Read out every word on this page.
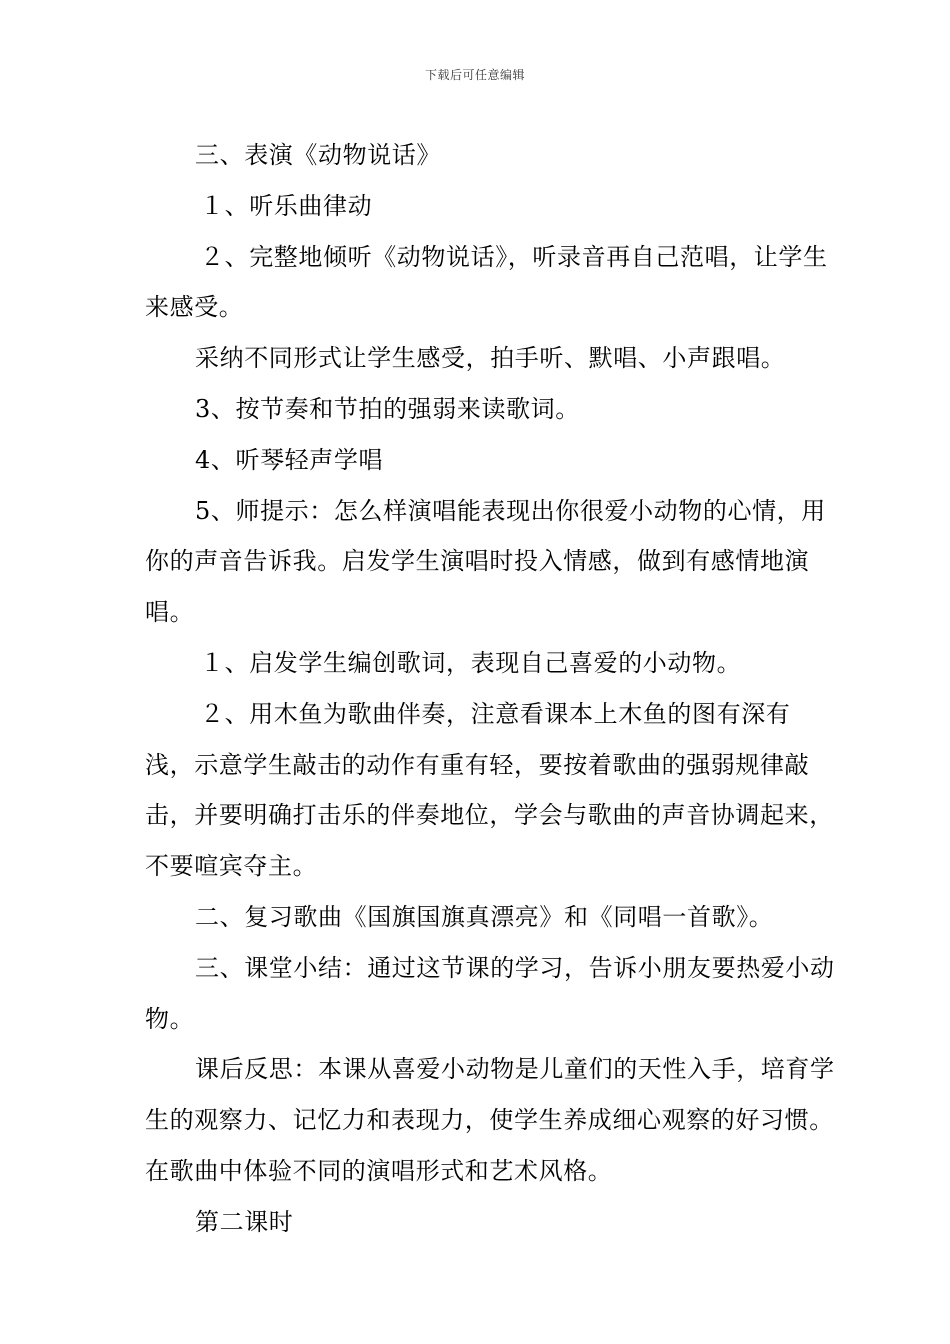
下载后可任意编辑

三、表演《动物说话》

１、听乐曲律动

２、完整地倾听《动物说话》，听录音再自己范唱，让学生来感受。

采纳不同形式让学生感受，拍手听、默唱、小声跟唱。

3、按节奏和节拍的强弱来读歌词。

4、听琴轻声学唱

5、师提示：怎么样演唱能表现出你很爱小动物的心情，用你的声音告诉我。启发学生演唱时投入情感，做到有感情地演唱。

１、启发学生编创歌词，表现自己喜爱的小动物。

２、用木鱼为歌曲伴奏，注意看课本上木鱼的图有深有浅，示意学生敲击的动作有重有轻，要按着歌曲的强弱规律敲击，并要明确打击乐的伴奏地位，学会与歌曲的声音协调起来，不要喧宾夺主。

二、复习歌曲《国旗国旗真漂亮》和《同唱一首歌》。

三、课堂小结：通过这节课的学习，告诉小朋友要热爱小动物。

课后反思：本课从喜爱小动物是儿童们的天性入手，培育学生的观察力、记忆力和表现力，使学生养成细心观察的好习惯。在歌曲中体验不同的演唱形式和艺术风格。

第二课时
